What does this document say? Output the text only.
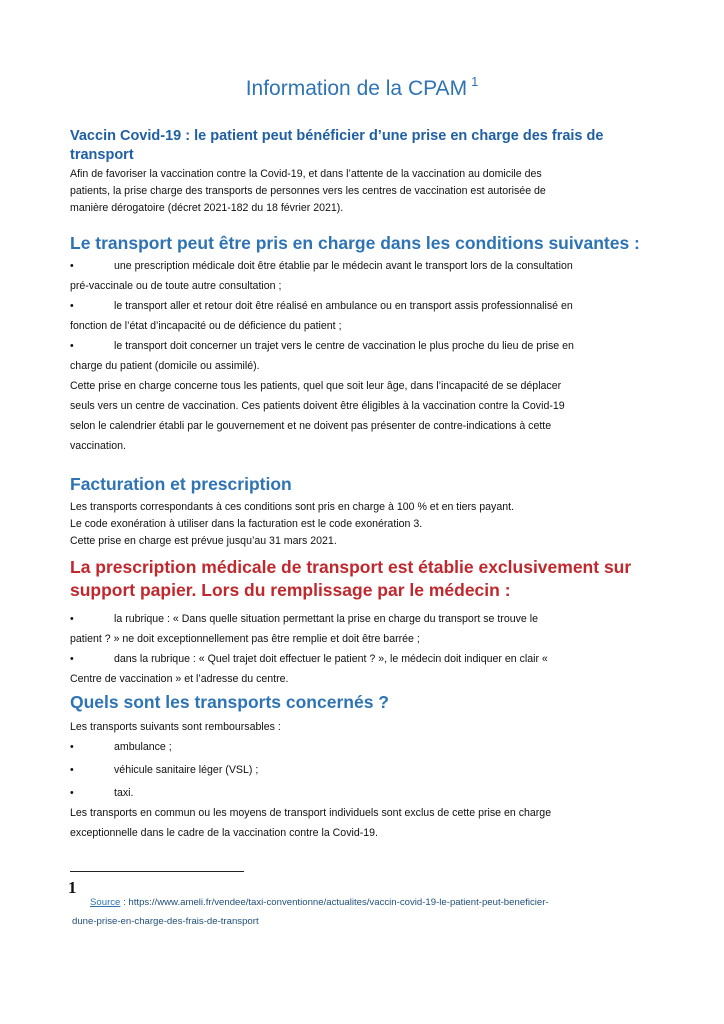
Information de la CPAM $^1$
Vaccin Covid-19 : le patient peut bénéficier d’une prise en charge des frais de transport
Afin de favoriser la vaccination contre la Covid-19, et dans l’attente de la vaccination au domicile des
patients, la prise charge des transports de personnes vers les centres de vaccination est autorisée de
manière dérogatoire (décret 2021-182 du 18 février 2021).
Le transport peut être pris en charge dans les conditions suivantes :
•	une prescription médicale doit être établie par le médecin avant le transport lors de la consultation
pré-vaccinale ou de toute autre consultation ;
•	le transport aller et retour doit être réalisé en ambulance ou en transport assis professionnalisé en
fonction de l’état d’incapacité ou de déficience du patient ;
•	le transport doit concerner un trajet vers le centre de vaccination le plus proche du lieu de prise en
charge du patient (domicile ou assimilé).
Cette prise en charge concerne tous les patients, quel que soit leur âge, dans l’incapacité de se déplacer
seuls vers un centre de vaccination. Ces patients doivent être éligibles à la vaccination contre la Covid-19
selon le calendrier établi par le gouvernement et ne doivent pas présenter de contre-indications à cette
vaccination.
Facturation et prescription
Les transports correspondants à ces conditions sont pris en charge à 100 % et en tiers payant.
Le code exonération à utiliser dans la facturation est le code exonération 3.
Cette prise en charge est prévue jusqu’au 31 mars 2021.
La prescription médicale de transport est établie exclusivement sur
support papier. Lors du remplissage par le médecin :
•	la rubrique : « Dans quelle situation permettant la prise en charge du transport se trouve le
patient ? » ne doit exceptionnellement pas être remplie et doit être barrée ;
•	dans la rubrique : « Quel trajet doit effectuer le patient ? », le médecin doit indiquer en clair «
Centre de vaccination » et l’adresse du centre.
Quels sont les transports concernés ?
Les transports suivants sont remboursables :
•	ambulance ;
•	véhicule sanitaire léger (VSL) ;
•	taxi.
Les transports en commun ou les moyens de transport individuels sont exclus de cette prise en charge
exceptionnelle dans le cadre de la vaccination contre la Covid-19.
1
Source : https://www.ameli.fr/vendee/taxi-conventionne/actualites/vaccin-covid-19-le-patient-peut-beneficier-
dune-prise-en-charge-des-frais-de-transport
